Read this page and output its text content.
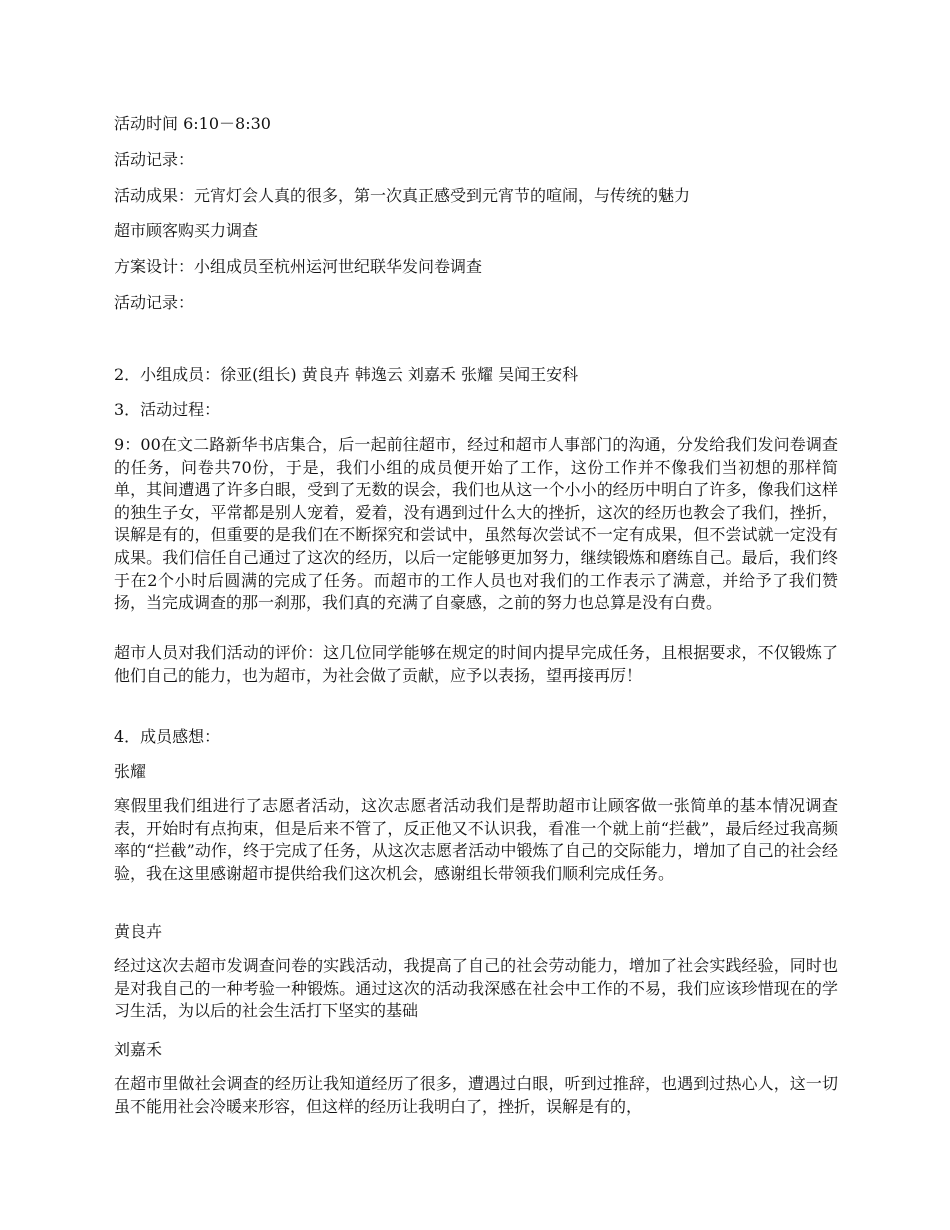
活动时间 6:10－8:30
活动记录：
活动成果：元宵灯会人真的很多，第一次真正感受到元宵节的喧闹，与传统的魅力
超市顾客购买力调查
方案设计：小组成员至杭州运河世纪联华发问卷调查
活动记录：
2．小组成员：徐亚(组长) 黄良卉 韩逸云 刘嘉禾 张耀 吴闻王安科
3．活动过程：
9：00在文二路新华书店集合，后一起前往超市，经过和超市人事部门的沟通，分发给我们发问卷调查的任务，问卷共70份，于是，我们小组的成员便开始了工作，这份工作并不像我们当初想的那样简单，其间遭遇了许多白眼，受到了无数的误会，我们也从这一个小小的经历中明白了许多，像我们这样的独生子女，平常都是别人宠着，爱着，没有遇到过什么大的挫折，这次的经历也教会了我们，挫折，误解是有的，但重要的是我们在不断探究和尝试中，虽然每次尝试不一定有成果，但不尝试就一定没有成果。我们信任自己通过了这次的经历，以后一定能够更加努力，继续锻炼和磨练自己。最后，我们终于在2个小时后圆满的完成了任务。而超市的工作人员也对我们的工作表示了满意，并给予了我们赞扬，当完成调查的那一刹那，我们真的充满了自豪感，之前的努力也总算是没有白费。
超市人员对我们活动的评价：这几位同学能够在规定的时间内提早完成任务，且根据要求，不仅锻炼了他们自己的能力，也为超市，为社会做了贡献，应予以表扬，望再接再厉！
4．成员感想：
张耀
寒假里我们组进行了志愿者活动，这次志愿者活动我们是帮助超市让顾客做一张简单的基本情况调查表，开始时有点拘束，但是后来不管了，反正他又不认识我，看准一个就上前“拦截”，最后经过我高频率的“拦截”动作，终于完成了任务，从这次志愿者活动中锻炼了自己的交际能力，增加了自己的社会经验，我在这里感谢超市提供给我们这次机会，感谢组长带领我们顺利完成任务。
黄良卉
经过这次去超市发调查问卷的实践活动，我提高了自己的社会劳动能力，增加了社会实践经验，同时也是对我自己的一种考验一种锻炼。通过这次的活动我深感在社会中工作的不易，我们应该珍惜现在的学习生活，为以后的社会生活打下坚实的基础
刘嘉禾
在超市里做社会调查的经历让我知道经历了很多，遭遇过白眼，听到过推辞，也遇到过热心人，这一切虽不能用社会冷暖来形容，但这样的经历让我明白了，挫折，误解是有的，
